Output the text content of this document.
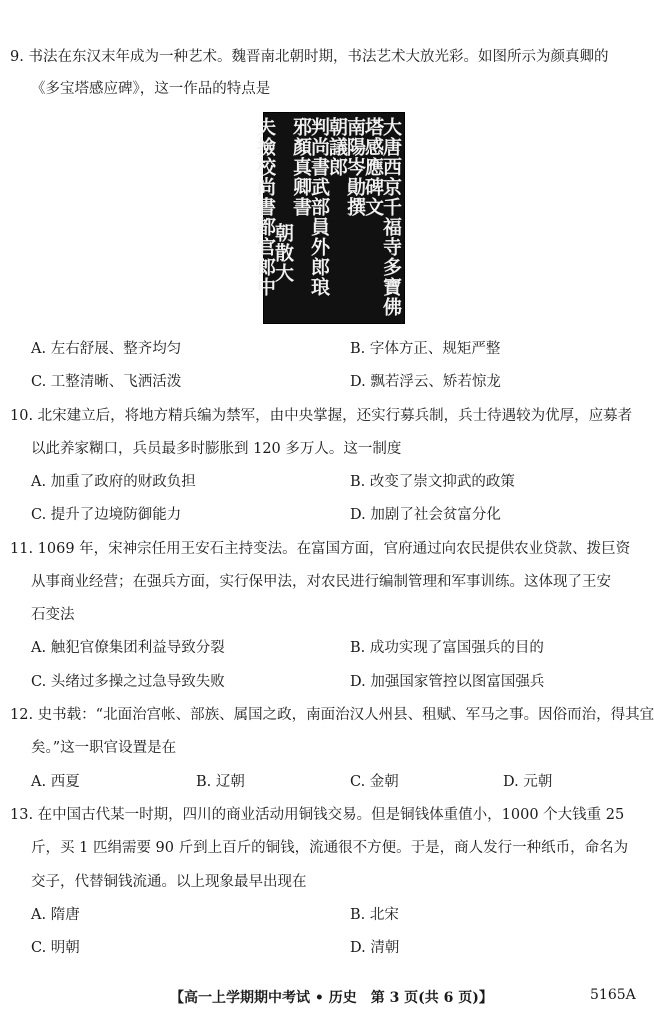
9. 书法在东汉末年成为一种艺术。魏晋南北朝时期，书法艺术大放光彩。如图所示为颜真卿的
《多宝塔感应碑》，这一作品的特点是
大唐西京千福寺多寶佛
塔感應碑文
南陽岑勛撰
朝議郎
判尚書武部員外郎琅
邪顏真卿書
朝散大
夫撿校尚書都官郎中
A. 左右舒展、整齐均匀	B. 字体方正、规矩严整
C. 工整清晰、飞洒活泼	D. 飘若浮云、矫若惊龙
10. 北宋建立后，将地方精兵编为禁军，由中央掌握，还实行募兵制，兵士待遇较为优厚，应募者
以此养家糊口，兵员最多时膨胀到 120 多万人。这一制度
A. 加重了政府的财政负担	B. 改变了崇文抑武的政策
C. 提升了边境防御能力	D. 加剧了社会贫富分化
11. 1069 年，宋神宗任用王安石主持变法。在富国方面，官府通过向农民提供农业贷款、拨巨资
从事商业经营；在强兵方面，实行保甲法，对农民进行编制管理和军事训练。这体现了王安
石变法
A. 触犯官僚集团利益导致分裂	B. 成功实现了富国强兵的目的
C. 头绪过多操之过急导致失败	D. 加强国家管控以图富国强兵
12. 史书载：“北面治宫帐、部族、属国之政，南面治汉人州县、租赋、军马之事。因俗而治，得其宜
矣。”这一职官设置是在
A. 西夏	B. 辽朝	C. 金朝	D. 元朝
13. 在中国古代某一时期，四川的商业活动用铜钱交易。但是铜钱体重值小，1000 个大钱重 25
斤，买 1 匹绢需要 90 斤到上百斤的铜钱，流通很不方便。于是，商人发行一种纸币，命名为
交子，代替铜钱流通。以上现象最早出现在
A. 隋唐	B. 北宋
C. 明朝	D. 清朝
【高一上学期期中考试 • 历史　第 3 页(共 6 页)】	5165A
